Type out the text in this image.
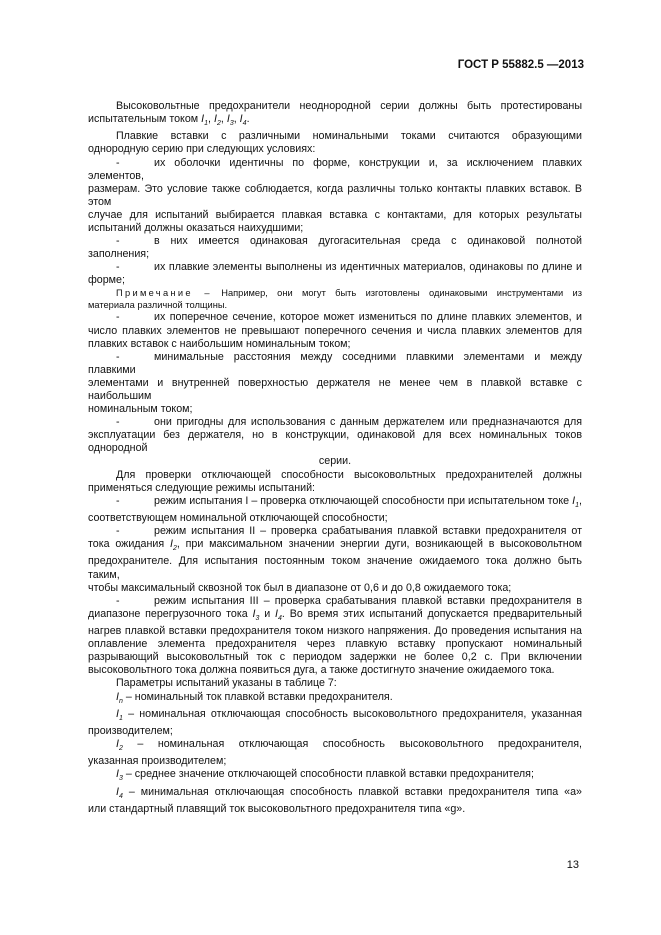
ГОСТ Р 55882.5 —2013

Высоковольтные предохранители неоднородной серии должны быть протестированы
испытательным током $I_1$, $I_2$, $I_3$, $I_4$.

Плавкие вставки с различными номинальными токами считаются образующими
однородную серию при следующих условиях:

-	их оболочки идентичны по форме, конструкции и, за исключением плавких элементов,
размерам. Это условие также соблюдается, когда различны только контакты плавких вставок. В этом
случае для испытаний выбирается плавкая вставка с контактами, для которых результаты
испытаний должны оказаться наихудшими;

-	в них имеется одинаковая дугогасительная среда с одинаковой полнотой заполнения;

-	их плавкие элементы выполнены из идентичных материалов, одинаковы по длине и
форме;

Примечание – Например, они могут быть изготовлены одинаковыми инструментами из
материала различной толщины.

-	их поперечное сечение, которое может измениться по длине плавких элементов, и
число плавких элементов не превышают поперечного сечения и числа плавких элементов для
плавких вставок с наибольшим номинальным током;

-	минимальные расстояния между соседними плавкими элементами и между плавкими
элементами и внутренней поверхностью держателя не менее чем в плавкой вставке с наибольшим
номинальным током;

-	они пригодны для использования с данным держателем или предназначаются для
эксплуатации без держателя, но в конструкции, одинаковой для всех номинальных токов однородной
серии.

Для проверки отключающей способности высоковольтных предохранителей должны
применяться следующие режимы испытаний:

-	режим испытания I – проверка отключающей способности при испытательном токе $I_1$,
соответствующем номинальной отключающей способности;

-	режим испытания II – проверка срабатывания плавкой вставки предохранителя от
тока ожидания $I_2$, при максимальном значении энергии дуги, возникающей в высоковольтном
предохранителе. Для испытания постоянным током значение ожидаемого тока должно быть таким,
чтобы максимальный сквозной ток был в диапазоне от 0,6 и до 0,8 ожидаемого тока;

-	режим испытания III – проверка срабатывания плавкой вставки предохранителя в
диапазоне перегрузочного тока $I_3$ и $I_4$. Во время этих испытаний допускается предварительный
нагрев плавкой вставки предохранителя током низкого напряжения. До проведения испытания на
оплавление элемента предохранителя через плавкую вставку пропускают номинальный
разрывающий высоковольтный ток с периодом задержки не более 0,2 с. При включении
высоковольтного тока должна появиться дуга, а также достигнуто значение ожидаемого тока.

Параметры испытаний указаны в таблице 7:

$I_n$ – номинальный ток плавкой вставки предохранителя.

$I_1$ – номинальная отключающая способность высоковольтного предохранителя, указанная
производителем;

$I_2$ – номинальная отключающая способность высоковольтного предохранителя,
указанная производителем;

$I_3$ – среднее значение отключающей способности плавкой вставки предохранителя;

$I_4$ – минимальная отключающая способность плавкой вставки предохранителя типа «а»
или стандартный плавящий ток высоковольтного предохранителя типа «g».

13
